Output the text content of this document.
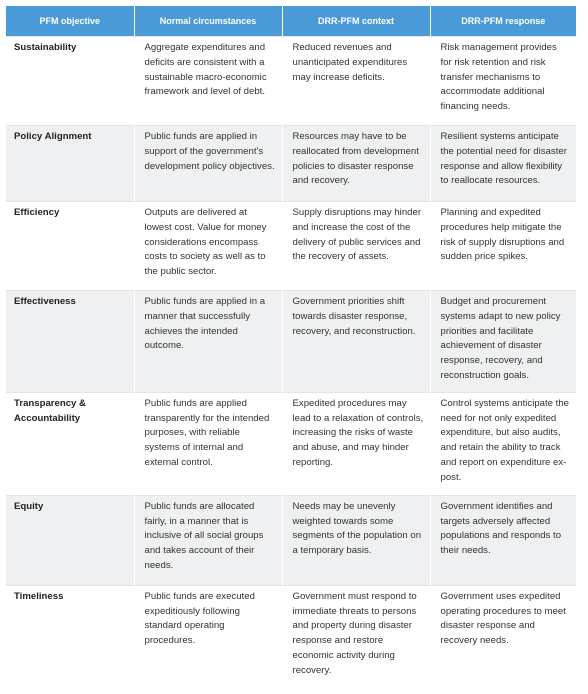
PFM objective	Normal circumstances	DRR-PFM context	DRR-PFM response
Sustainability	Aggregate expenditures and deficits are consistent with a sustainable macro-economic framework and level of debt.	Reduced revenues and unanticipated expenditures may increase deficits.	Risk management provides for risk retention and risk transfer mechanisms to accommodate additional financing needs.
Policy Alignment	Public funds are applied in support of the government's development policy objectives.	Resources may have to be reallocated from development policies to disaster response and recovery.	Resilient systems anticipate the potential need for disaster response and allow flexibility to reallocate resources.
Efficiency	Outputs are delivered at lowest cost. Value for money considerations encompass costs to society as well as to the public sector.	Supply disruptions may hinder and increase the cost of the delivery of public services and the recovery of assets.	Planning and expedited procedures help mitigate the risk of supply disruptions and sudden price spikes.
Effectiveness	Public funds are applied in a manner that successfully achieves the intended outcome.	Government priorities shift towards disaster response, recovery, and reconstruction.	Budget and procurement systems adapt to new policy priorities and facilitate achievement of disaster response, recovery, and reconstruction goals.
Transparency & Accountability	Public funds are applied transparently for the intended purposes, with reliable systems of internal and external control.	Expedited procedures may lead to a relaxation of controls, increasing the risks of waste and abuse, and may hinder reporting.	Control systems anticipate the need for not only expedited expenditure, but also audits, and retain the ability to track and report on expenditure ex-post.
Equity	Public funds are allocated fairly, in a manner that is inclusive of all social groups and takes account of their needs.	Needs may be unevenly weighted towards some segments of the population on a temporary basis.	Government identifies and targets adversely affected populations and responds to their needs.
Timeliness	Public funds are executed expeditiously following standard operating procedures.	Government must respond to immediate threats to persons and property during disaster response and restore economic activity during recovery.	Government uses expedited operating procedures to meet disaster response and recovery needs.
